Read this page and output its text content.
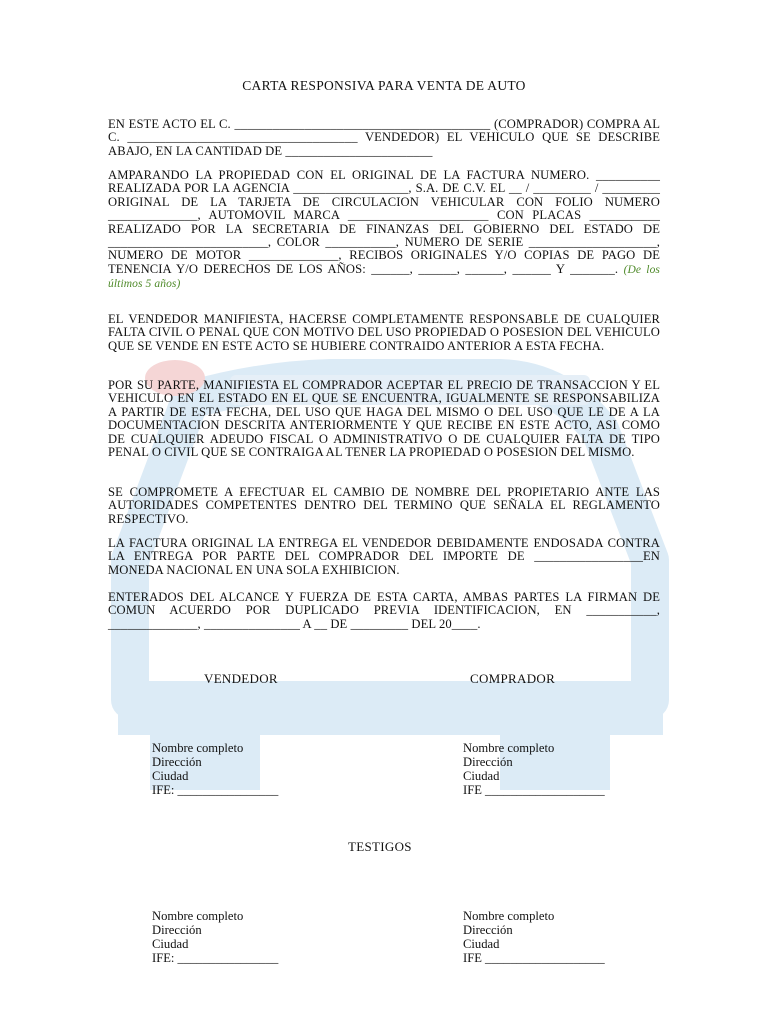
CARTA RESPONSIVA PARA VENTA DE AUTO

EN ESTE ACTO EL C. ________________________________________ (COMPRADOR) COMPRA AL C. ____________________________________ VENDEDOR) EL VEHICULO QUE SE DESCRIBE ABAJO, EN LA CANTIDAD DE _______________________

AMPARANDO LA PROPIEDAD CON EL ORIGINAL DE LA FACTURA NUMERO. __________ REALIZADA POR LA AGENCIA __________________, S.A. DE C.V. EL __ / _________ / _________ ORIGINAL DE LA TARJETA DE CIRCULACION VEHICULAR CON FOLIO NUMERO ______________, AUTOMOVIL MARCA ______________________ CON PLACAS ___________ REALIZADO POR LA SECRETARIA DE FINANZAS DEL GOBIERNO DEL ESTADO DE _________________________, COLOR ___________, NUMERO DE SERIE ____________________, NUMERO DE MOTOR ______________, RECIBOS ORIGINALES Y/O COPIAS DE PAGO DE TENENCIA Y/O DERECHOS DE LOS AÑOS: ______, ______, ______, ______ Y _______. (De los últimos 5 años)

EL VENDEDOR MANIFIESTA, HACERSE COMPLETAMENTE RESPONSABLE DE CUALQUIER FALTA CIVIL O PENAL QUE CON MOTIVO DEL USO PROPIEDAD O POSESION DEL VEHICULO QUE SE VENDE EN ESTE ACTO SE HUBIERE CONTRAIDO ANTERIOR A ESTA FECHA.

POR SU PARTE, MANIFIESTA EL COMPRADOR ACEPTAR EL PRECIO DE TRANSACCION Y EL VEHICULO EN EL ESTADO EN EL QUE SE ENCUENTRA, IGUALMENTE SE RESPONSABILIZA A PARTIR DE ESTA FECHA, DEL USO QUE HAGA DEL MISMO O DEL USO QUE LE DE A LA DOCUMENTACION DESCRITA ANTERIORMENTE Y QUE RECIBE EN ESTE ACTO, ASI COMO DE CUALQUIER ADEUDO FISCAL O ADMINISTRATIVO O DE CUALQUIER FALTA DE TIPO PENAL O CIVIL QUE SE CONTRAIGA AL TENER LA PROPIEDAD O POSESION DEL MISMO.

SE COMPROMETE A EFECTUAR EL CAMBIO DE NOMBRE DEL PROPIETARIO ANTE LAS AUTORIDADES COMPETENTES DENTRO DEL TERMINO QUE SEÑALA EL REGLAMENTO RESPECTIVO.

LA FACTURA ORIGINAL LA ENTREGA EL VENDEDOR DEBIDAMENTE ENDOSADA CONTRA LA ENTREGA POR PARTE DEL COMPRADOR DEL IMPORTE DE _________________EN MONEDA NACIONAL EN UNA SOLA EXHIBICION.

ENTERADOS DEL ALCANCE Y FUERZA DE ESTA CARTA, AMBAS PARTES LA FIRMAN DE COMUN ACUERDO POR DUPLICADO PREVIA IDENTIFICACION, EN ___________, ______________, _______________ A __ DE _________ DEL 20____.

VENDEDOR	COMPRADOR
Nombre completo
Dirección
Ciudad
IFE: ________________
Nombre completo
Dirección
Ciudad
IFE ___________________
TESTIGOS
Nombre completo
Dirección
Ciudad
IFE: ________________
Nombre completo
Dirección
Ciudad
IFE ___________________
